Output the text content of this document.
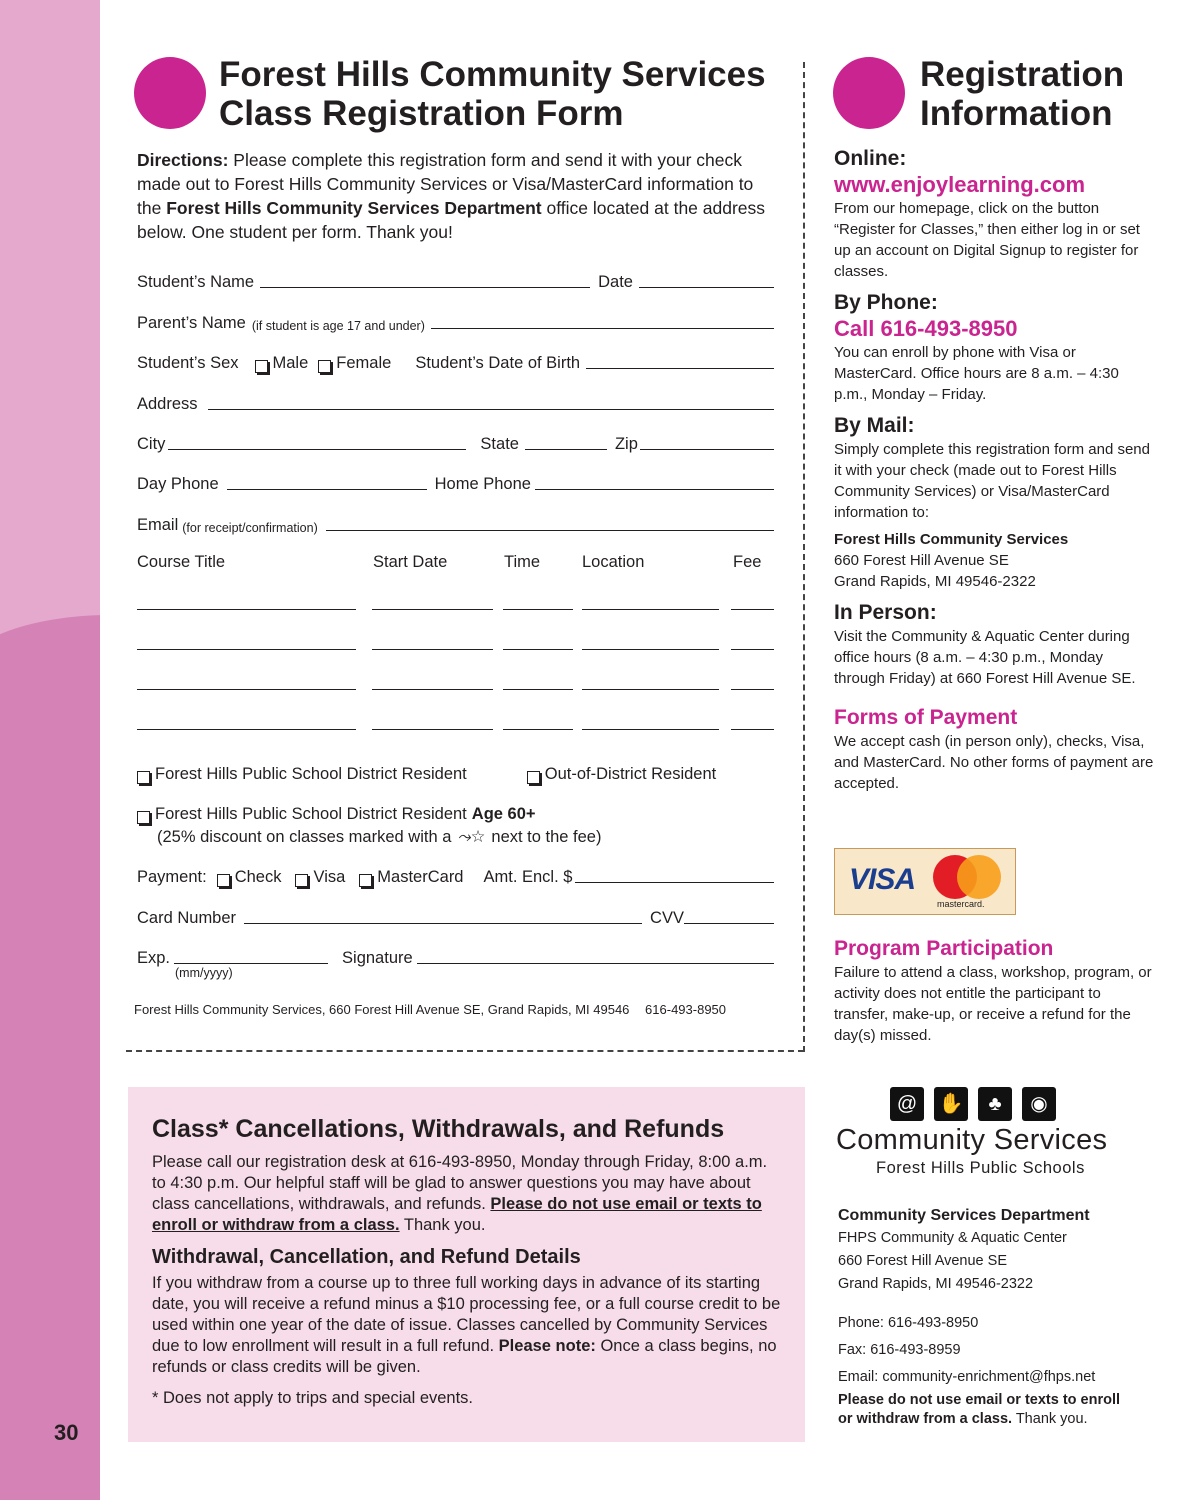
30
Forest Hills Community Services
Class Registration Form
Directions: Please complete this registration form and send it with your check made out to Forest Hills Community Services or Visa/MasterCard information to the Forest Hills Community Services Department office located at the address below. One student per form. Thank you!
Student’s Name	Date
Parent’s Name (if student is age 17 and under)
Student’s Sex	Male	Female	Student’s Date of Birth
Address
City	State	Zip
Day Phone	Home Phone
Email (for receipt/confirmation)
Course Title	Start Date	Time	Location	Fee
Forest Hills Public School District Resident	Out-of-District Resident
Forest Hills Public School District Resident Age 60+
(25% discount on classes marked with a ⤳☆ next to the fee)
Payment:	Check	Visa	MasterCard	Amt. Encl. $
Card Number	CVV
Exp.	Signature
(mm/yyyy)
Forest Hills Community Services, 660 Forest Hill Avenue SE, Grand Rapids, MI 49546 616-493-8950
Class* Cancellations, Withdrawals, and Refunds

Please call our registration desk at 616-493-8950, Monday through Friday, 8:00 a.m. to 4:30 p.m. Our helpful staff will be glad to answer questions you may have about class cancellations, withdrawals, and refunds. Please do not use email or texts to enroll or withdraw from a class. Thank you.

Withdrawal, Cancellation, and Refund Details

If you withdraw from a course up to three full working days in advance of its starting date, you will receive a refund minus a $10 processing fee, or a full course credit to be used within one year of the date of issue. Classes cancelled by Community Services due to low enrollment will result in a full refund. Please note: Once a class begins, no refunds or class credits will be given.

* Does not apply to trips and special events.

Registration
Information
Online:
www.enjoylearning.com
From our homepage, click on the button “Register for Classes,” then either log in or set up an account on Digital Signup to register for classes.
By Phone:
Call 616-493-8950
You can enroll by phone with Visa or MasterCard. Office hours are 8 a.m. – 4:30 p.m., Monday – Friday.
By Mail:
Simply complete this registration form and send it with your check (made out to Forest Hills Community Services) or Visa/MasterCard information to:
Forest Hills Community Services
660 Forest Hill Avenue SE
Grand Rapids, MI 49546-2322
In Person:
Visit the Community & Aquatic Center during office hours (8 a.m. – 4:30 p.m., Monday through Friday) at 660 Forest Hill Avenue SE.
Forms of Payment
We accept cash (in person only), checks, Visa, and MasterCard. No other forms of payment are accepted.
VISA
mastercard.
Program Participation
Failure to attend a class, workshop, program, or activity does not entitle the participant to transfer, make-up, or receive a refund for the day(s) missed.
@	✋	♣	◉
Community Services
Forest Hills Public Schools
Community Services Department
FHPS Community & Aquatic Center
660 Forest Hill Avenue SE
Grand Rapids, MI 49546-2322
Phone: 616-493-8950
Fax: 616-493-8959
Email: community-enrichment@fhps.net
Please do not use email or texts to enroll or withdraw from a class. Thank you.
